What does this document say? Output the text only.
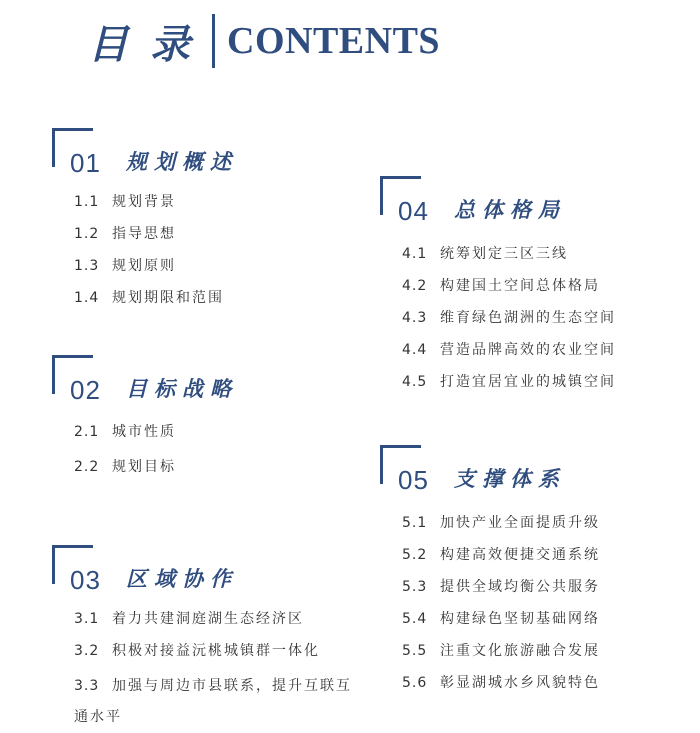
目录 CONTENTS
01 规划概述
1.1 规划背景
1.2 指导思想
1.3 规划原则
1.4 规划期限和范围
02 目标战略
2.1 城市性质
2.2 规划目标
03 区域协作
3.1 着力共建洞庭湖生态经济区
3.2 积极对接益沅桃城镇群一体化
3.3 加强与周边市县联系，提升互联互通水平
04 总体格局
4.1 统筹划定三区三线
4.2 构建国土空间总体格局
4.3 维育绿色湖洲的生态空间
4.4 营造品牌高效的农业空间
4.5 打造宜居宜业的城镇空间
05 支撑体系
5.1 加快产业全面提质升级
5.2 构建高效便捷交通系统
5.3 提供全域均衡公共服务
5.4 构建绿色坚韧基础网络
5.5 注重文化旅游融合发展
5.6 彰显湖城水乡风貌特色
